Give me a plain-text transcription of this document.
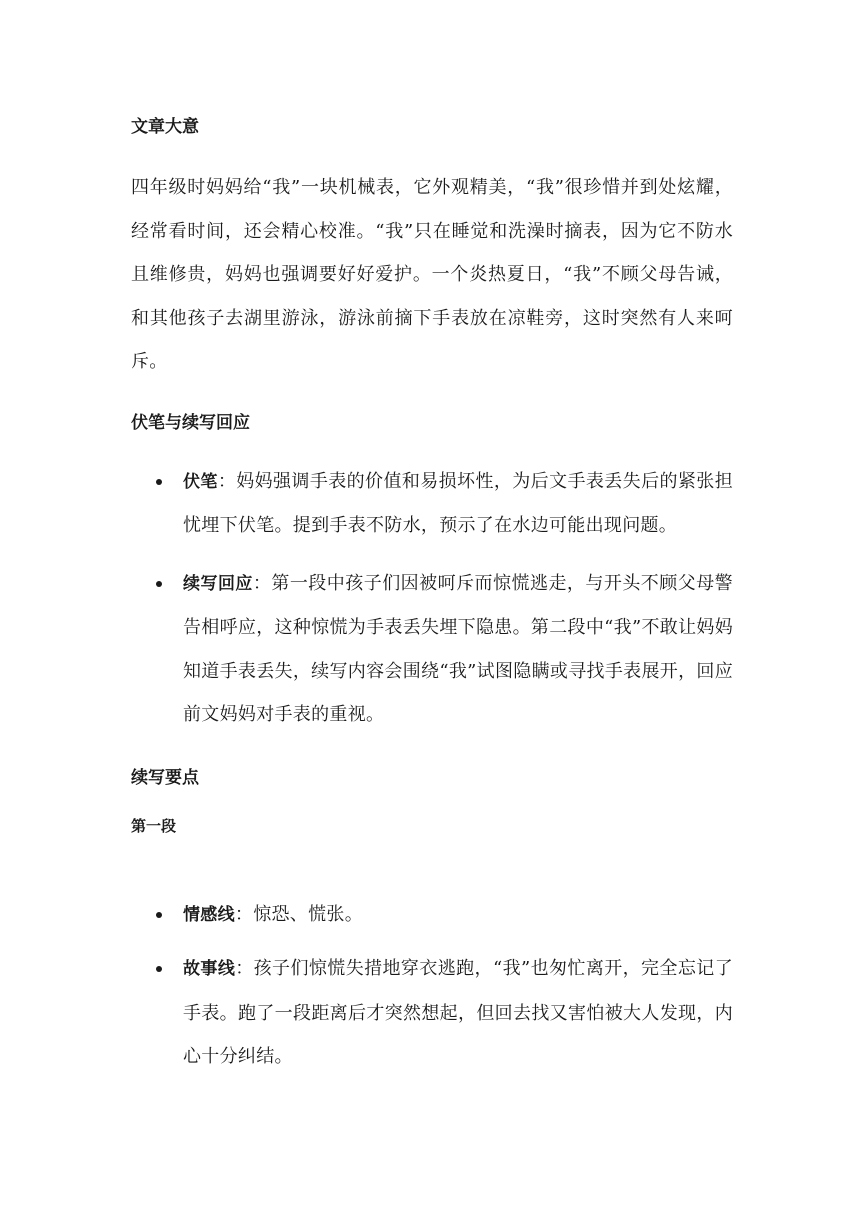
文章大意

四年级时妈妈给“我”一块机械表，它外观精美，“我”很珍惜并到处炫耀，经常看时间，还会精心校准。“我”只在睡觉和洗澡时摘表，因为它不防水且维修贵，妈妈也强调要好好爱护。一个炎热夏日，“我”不顾父母告诫，和其他孩子去湖里游泳，游泳前摘下手表放在凉鞋旁，这时突然有人来呵斥。

伏笔与续写回应
伏笔：妈妈强调手表的价值和易损坏性，为后文手表丢失后的紧张担忧埋下伏笔。提到手表不防水，预示了在水边可能出现问题。
续写回应：第一段中孩子们因被呵斥而惊慌逃走，与开头不顾父母警告相呼应，这种惊慌为手表丢失埋下隐患。第二段中“我”不敢让妈妈知道手表丢失，续写内容会围绕“我”试图隐瞒或寻找手表展开，回应前文妈妈对手表的重视。
续写要点
第一段
情感线：惊恐、慌张。
故事线：孩子们惊慌失措地穿衣逃跑，“我”也匆忙离开，完全忘记了手表。跑了一段距离后才突然想起，但回去找又害怕被大人发现，内心十分纠结。
